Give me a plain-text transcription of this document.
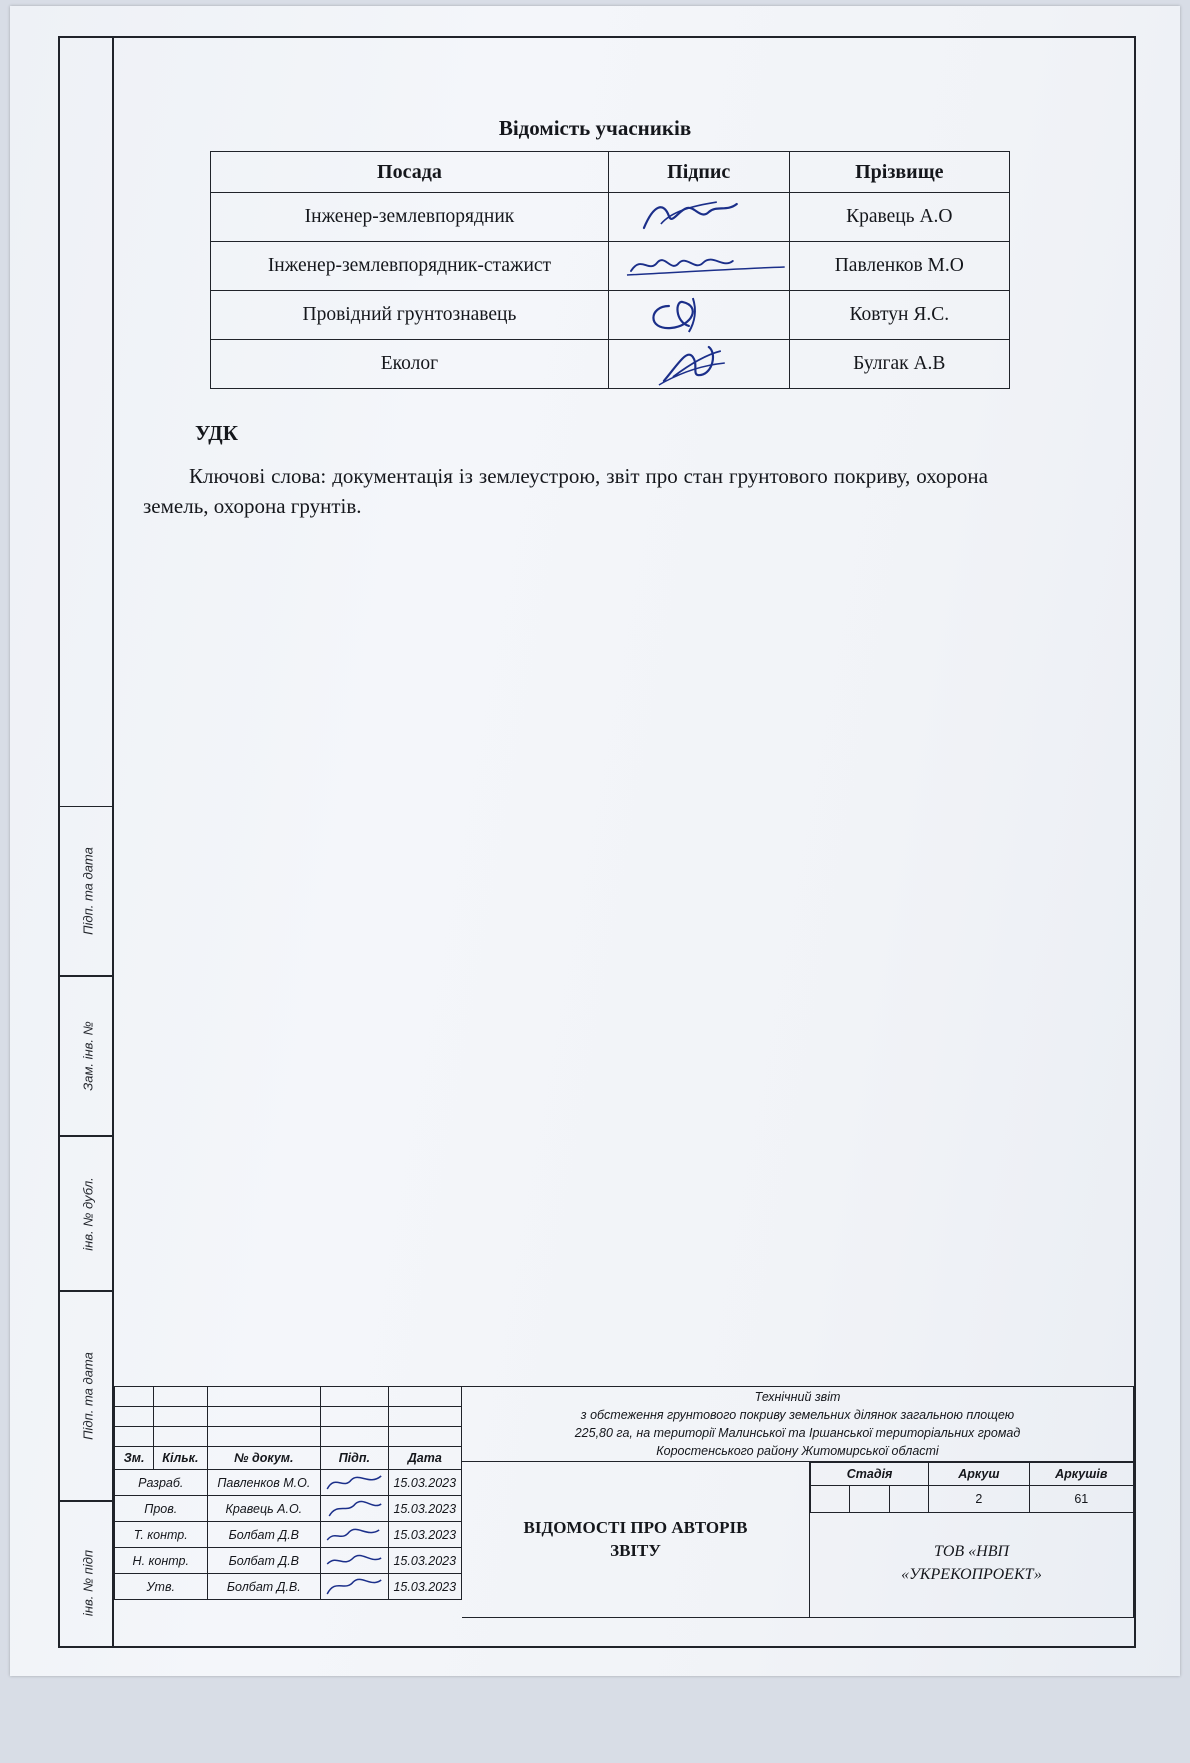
Підп. та дата
Зам. інв. №
інв. № дубл.
Підп. та дата
інв. № підп
Відомість учасників
Посада	Підпис	Прізвище
Інженер-землевпорядник		Кравець А.О
Інженер-землевпорядник-стажист		Павленков М.О
Провідний грунтознавець		Ковтун Я.С.
Еколог		Булгак А.В
УДК
Ключові слова: документація із землеустрою, звіт про стан грунтового покриву, охорона земель, охорона грунтів.

Зм.	Кільк.	№ докум.	Підп.	Дата
Разраб.		Павленков М.О.		15.03.2023
Пров.		Кравець А.О.		15.03.2023
Т. контр.		Болбат Д.В		15.03.2023
Н. контр.		Болбат Д.В		15.03.2023
Утв.		Болбат Д.В.		15.03.2023
Технічний звіт
з обстеження грунтового покриву земельних ділянок загальною площею
225,80 га, на території Малинської та Іршанської територіальних громад
Коростенського району Житомирської області
ВІДОМОСТІ ПРО АВТОРІВ
ЗВІТУ
Стадія	Аркуш	Аркушів

	2	61
ТОВ «НВП
«УКРЕКОПРОЕКТ»
